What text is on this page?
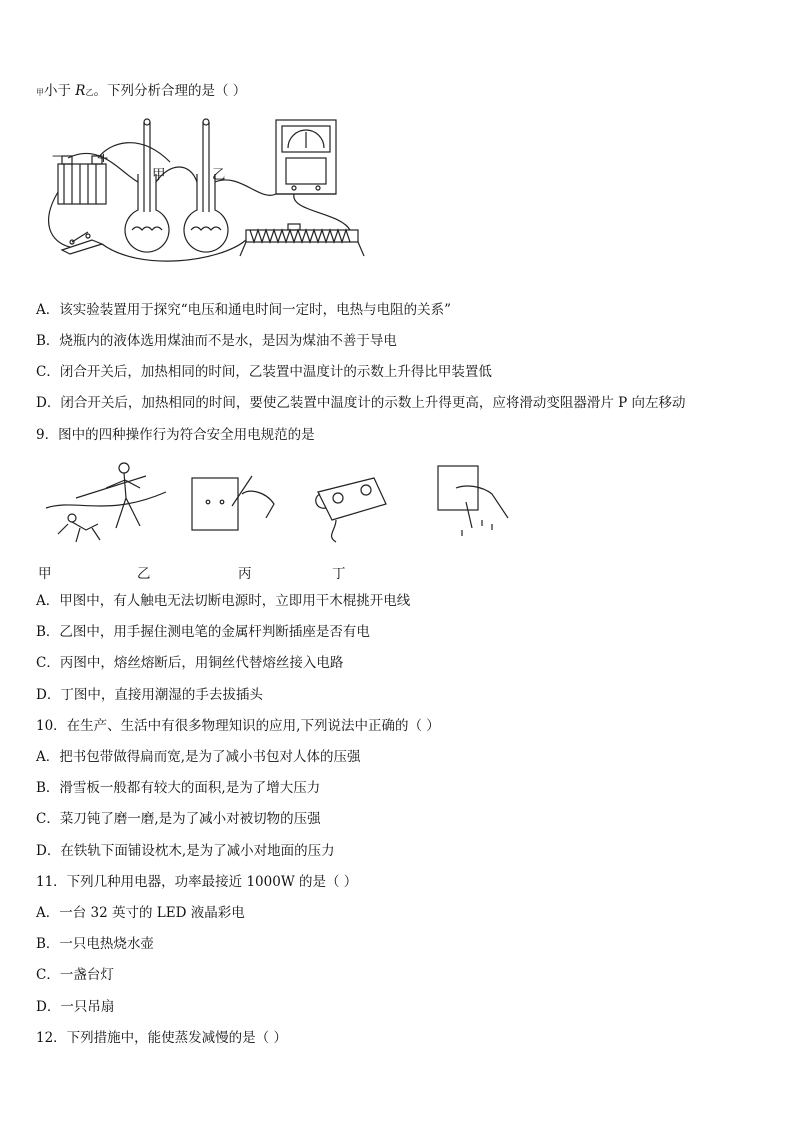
甲小于 R乙。下列分析合理的是（ ）
— +
甲	乙
A．该实验装置用于探究“电压和通电时间一定时，电热与电阻的关系”
B．烧瓶内的液体选用煤油而不是水，是因为煤油不善于导电
C．闭合开关后，加热相同的时间，乙装置中温度计的示数上升得比甲装置低
D．闭合开关后，加热相同的时间，要使乙装置中温度计的示数上升得更高，应将滑动变阻器滑片 P 向左移动
9．图中的四种操作行为符合安全用电规范的是
甲	乙	丙	丁
A．甲图中，有人触电无法切断电源时，立即用干木棍挑开电线
B．乙图中，用手握住测电笔的金属杆判断插座是否有电
C．丙图中，熔丝熔断后，用铜丝代替熔丝接入电路
D．丁图中，直接用潮湿的手去拔插头
10．在生产、生活中有很多物理知识的应用,下列说法中正确的（ ）
A．把书包带做得扁而宽,是为了减小书包对人体的压强
B．滑雪板一般都有较大的面积,是为了增大压力
C．菜刀钝了磨一磨,是为了减小对被切物的压强
D．在铁轨下面铺设枕木,是为了减小对地面的压力
11．下列几种用电器，功率最接近 1000W 的是（ ）
A．一台 32 英寸的 LED 液晶彩电
B．一只电热烧水壶
C．一盏台灯
D．一只吊扇
12．下列措施中，能使蒸发减慢的是（ ）
